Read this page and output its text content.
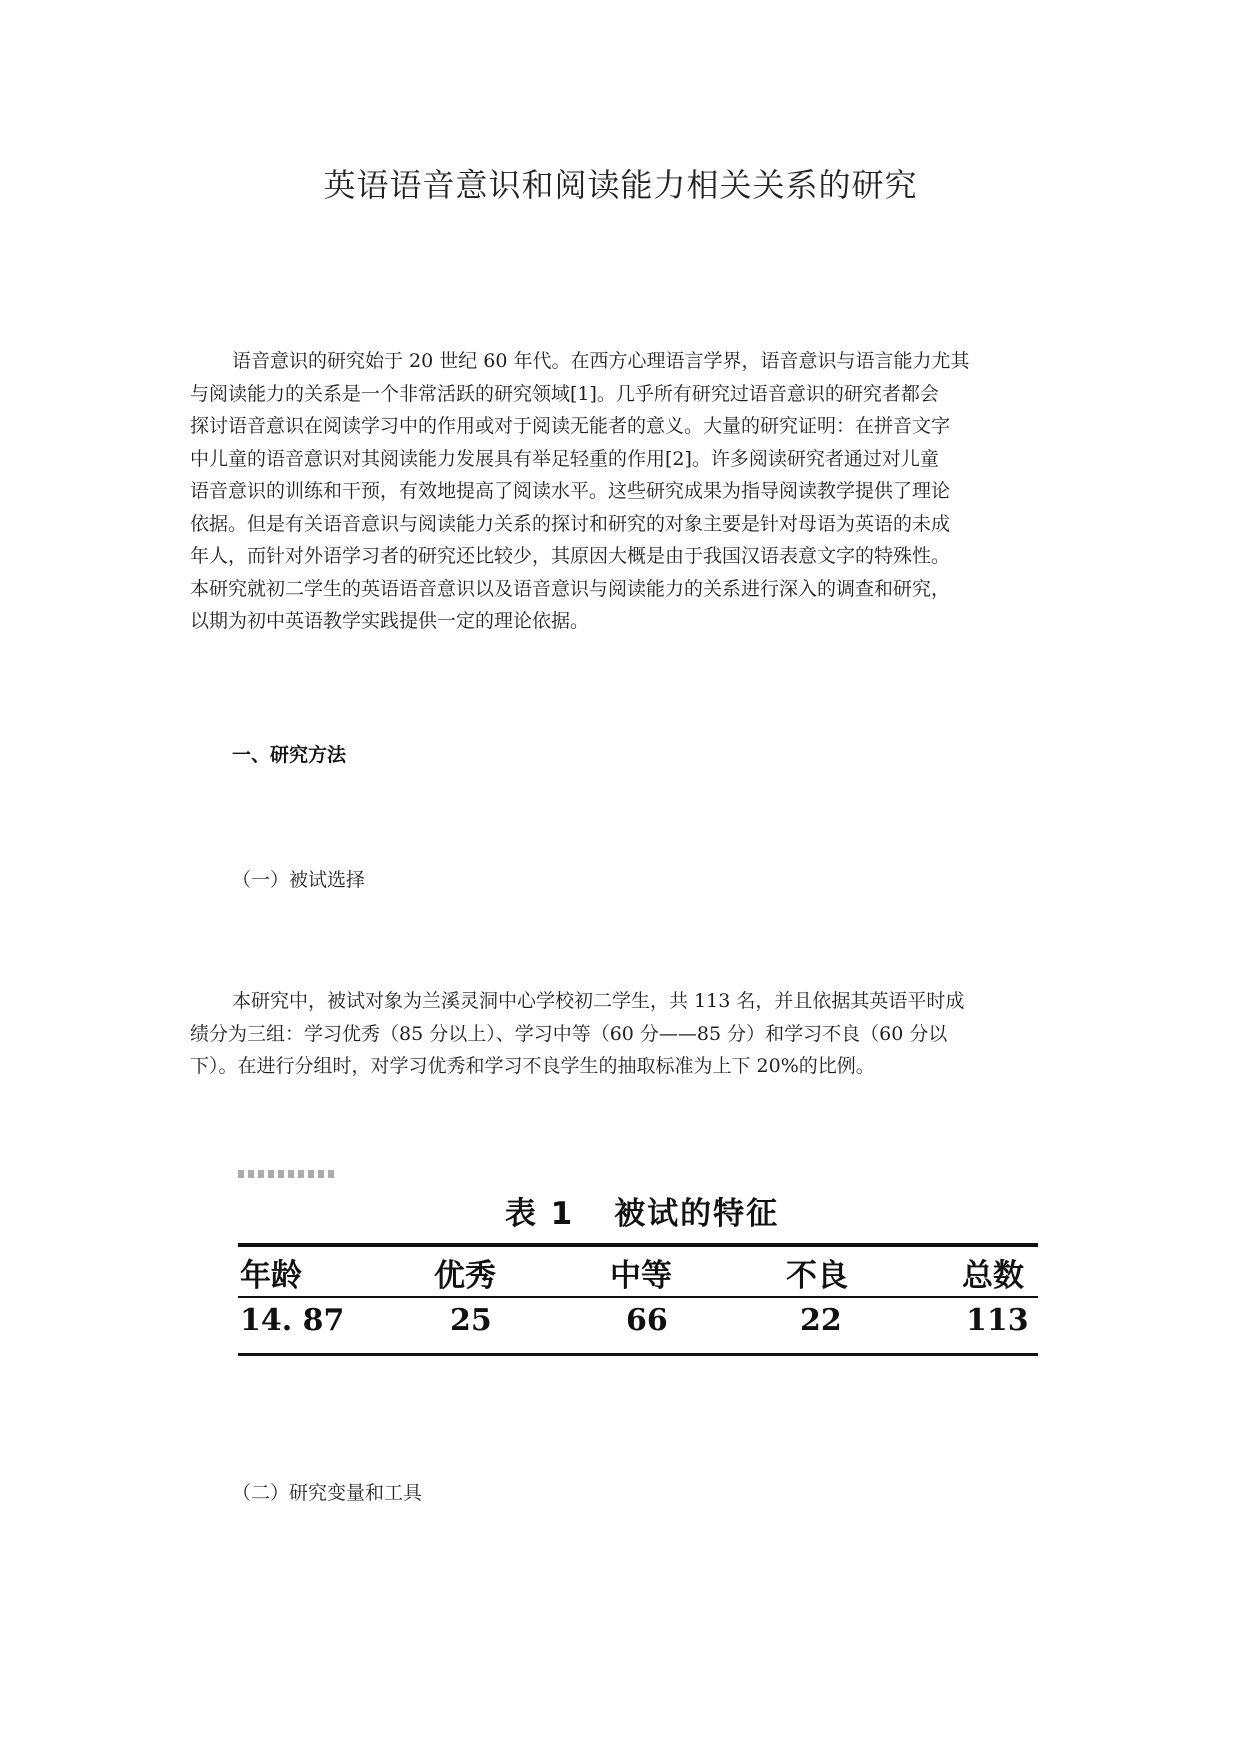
英语语音意识和阅读能力相关关系的研究
语音意识的研究始于 20 世纪 60 年代。在西方心理语言学界，语音意识与语言能力尤其
与阅读能力的关系是一个非常活跃的研究领域[1]。几乎所有研究过语音意识的研究者都会
探讨语音意识在阅读学习中的作用或对于阅读无能者的意义。大量的研究证明：在拼音文字
中儿童的语音意识对其阅读能力发展具有举足轻重的作用[2]。许多阅读研究者通过对儿童
语音意识的训练和干预，有效地提高了阅读水平。这些研究成果为指导阅读教学提供了理论
依据。但是有关语音意识与阅读能力关系的探讨和研究的对象主要是针对母语为英语的未成
年人，而针对外语学习者的研究还比较少，其原因大概是由于我国汉语表意文字的特殊性。
本研究就初二学生的英语语音意识以及语音意识与阅读能力的关系进行深入的调查和研究，
以期为初中英语教学实践提供一定的理论依据。
一、研究方法
（一）被试选择
本研究中，被试对象为兰溪灵洞中心学校初二学生，共 113 名，并且依据其英语平时成
绩分为三组：学习优秀（85 分以上）、学习中等（60 分——85 分）和学习不良（60 分以
下）。在进行分组时，对学习优秀和学习不良学生的抽取标准为上下 20%的比例。
表 1 被试的特征
年龄	优秀	中等	不良	总数
14. 87	25	66	22	113
（二）研究变量和工具
